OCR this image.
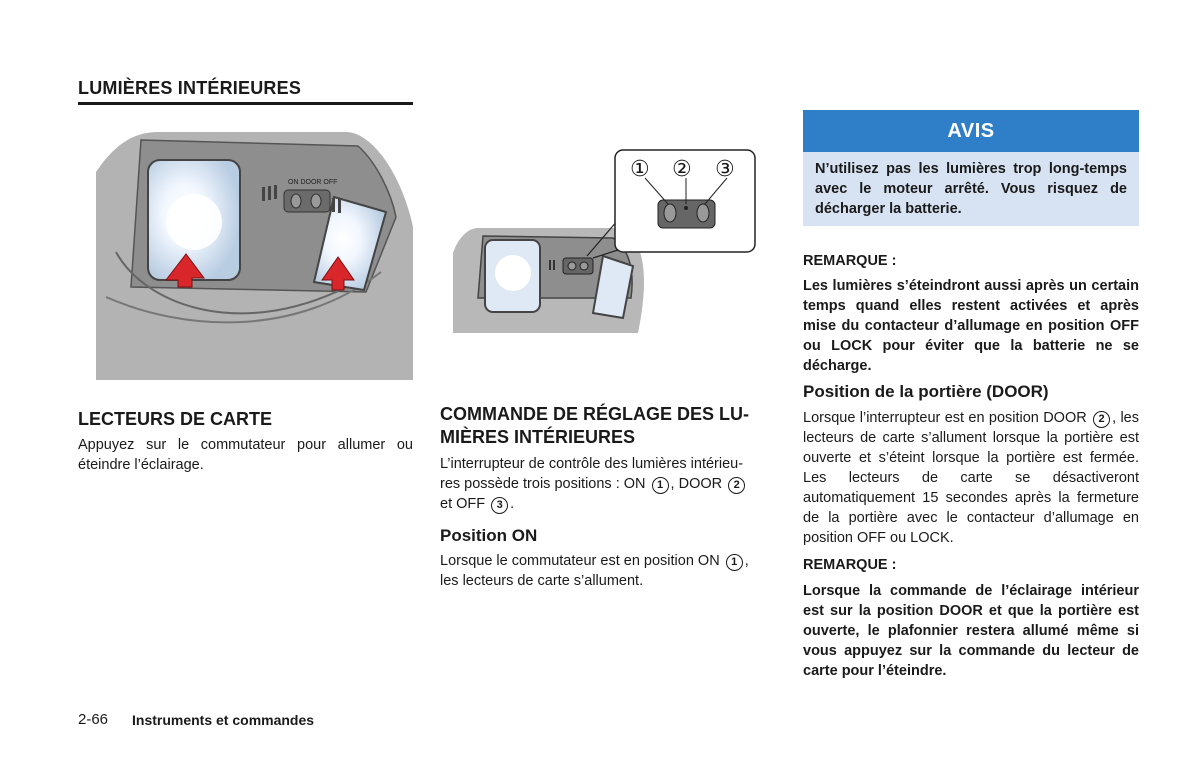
LUMIÈRES INTÉRIEURES
ON DOOR OFF
① ② ③
LECTEURS DE CARTE
Appuyez sur le commutateur pour allumer ou éteindre l’éclairage.
COMMANDE DE RÉGLAGE DES LU-
MIÈRES INTÉRIEURES
L’interrupteur de contrôle des lumières intérieu-
res possède trois positions : ON 1 , DOOR 2
et OFF 3 .
Position ON
Lorsque le commutateur est en position ON 1 ,
les lecteurs de carte s’allument.
AVIS
N’utilisez pas les lumières trop long-temps avec le moteur arrêté. Vous risquez de décharger la batterie.
REMARQUE :
Les lumières s’éteindront aussi après un certain temps quand elles restent activées et après mise du contacteur d’allumage en position OFF ou LOCK pour éviter que la batterie ne se décharge.
Position de la portière (DOOR)
Lorsque l’interrupteur est en position DOOR 2 , les lecteurs de carte s’allument lorsque la portière est ouverte et s’éteint lorsque la portière est fermée. Les lecteurs de carte se désactiveront automatiquement 15 secondes après la fermeture de la portière avec le contacteur d’allumage en position OFF ou LOCK.
REMARQUE :
Lorsque la commande de l’éclairage intérieur est sur la position DOOR et que la portière est ouverte, le plafonnier restera allumé même si vous appuyez sur la commande du lecteur de carte pour l’éteindre.
2-66 Instruments et commandes
